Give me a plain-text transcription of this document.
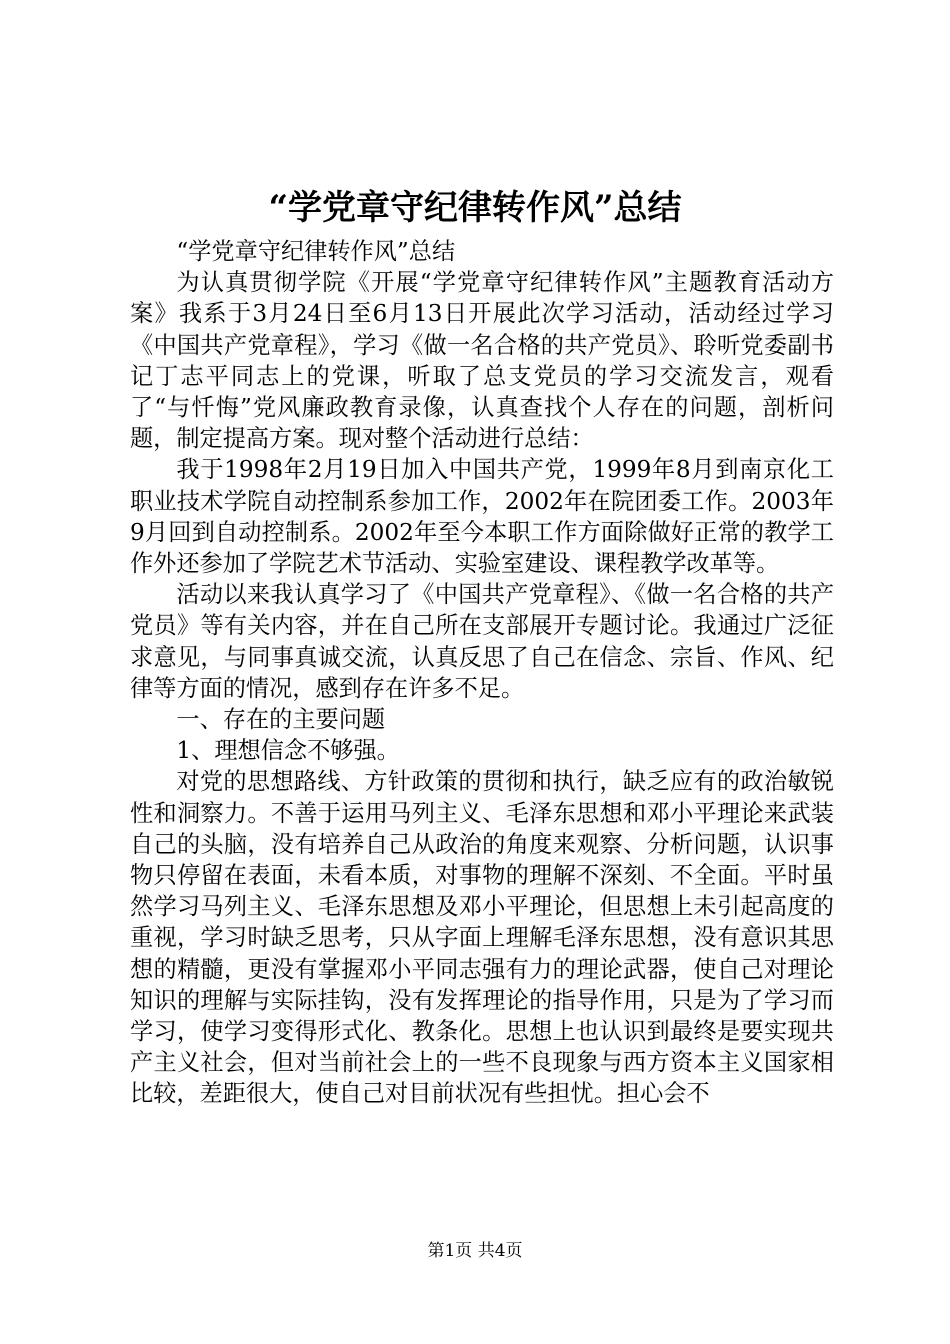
“学党章守纪律转作风”总结

“学党章守纪律转作风”总结

为认真贯彻学院《开展“学党章守纪律转作风”主题教育活动方案》我系于3月24日至6月13日开展此次学习活动，活动经过学习《中国共产党章程》，学习《做一名合格的共产党员》、聆听党委副书记丁志平同志上的党课，听取了总支党员的学习交流发言，观看了“与忏悔”党风廉政教育录像，认真查找个人存在的问题，剖析问题，制定提高方案。现对整个活动进行总结：

我于1998年2月19日加入中国共产党，1999年8月到南京化工职业技术学院自动控制系参加工作，2002年在院团委工作。2003年9月回到自动控制系。2002年至今本职工作方面除做好正常的教学工作外还参加了学院艺术节活动、实验室建设、课程教学改革等。

活动以来我认真学习了《中国共产党章程》、《做一名合格的共产党员》等有关内容，并在自己所在支部展开专题讨论。我通过广泛征求意见，与同事真诚交流，认真反思了自己在信念、宗旨、作风、纪律等方面的情况，感到存在许多不足。

一、存在的主要问题

1、理想信念不够强。

对党的思想路线、方针政策的贯彻和执行，缺乏应有的政治敏锐性和洞察力。不善于运用马列主义、毛泽东思想和邓小平理论来武装自己的头脑，没有培养自己从政治的角度来观察、分析问题，认识事物只停留在表面，未看本质，对事物的理解不深刻、不全面。平时虽然学习马列主义、毛泽东思想及邓小平理论，但思想上未引起高度的重视，学习时缺乏思考，只从字面上理解毛泽东思想，没有意识其思想的精髓，更没有掌握邓小平同志强有力的理论武器，使自己对理论知识的理解与实际挂钩，没有发挥理论的指导作用，只是为了学习而学习，使学习变得形式化、教条化。思想上也认识到最终是要实现共产主义社会，但对当前社会上的一些不良现象与西方资本主义国家相比较，差距很大，使自己对目前状况有些担忧。担心会不

第1页 共4页
